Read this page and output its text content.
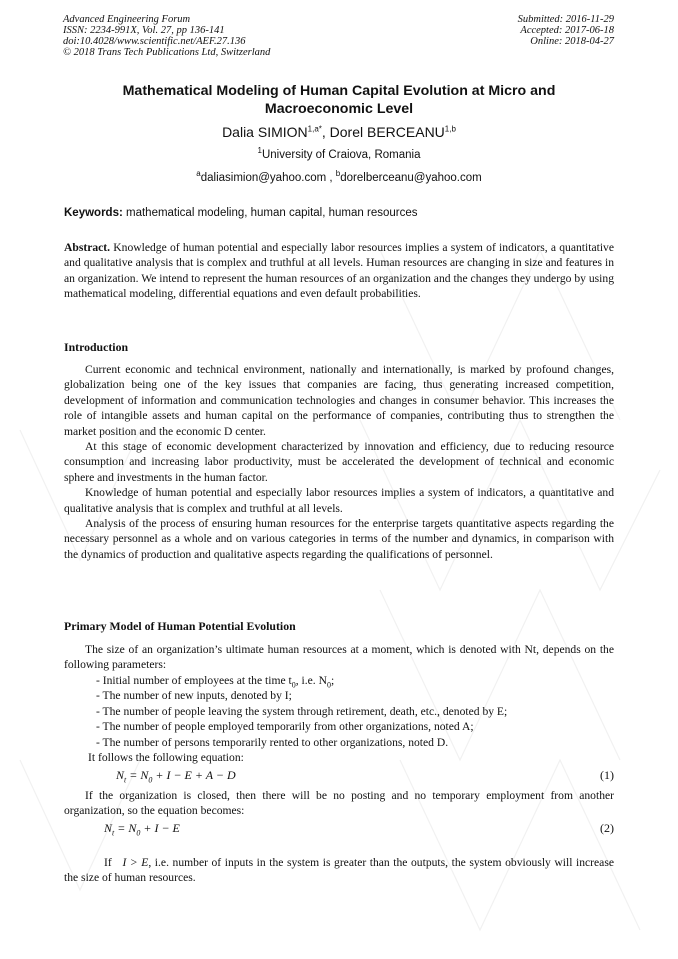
Advanced Engineering Forum
ISSN: 2234-991X, Vol. 27, pp 136-141
doi:10.4028/www.scientific.net/AEF.27.136
© 2018 Trans Tech Publications Ltd, Switzerland
Submitted: 2016-11-29
Accepted: 2017-06-18
Online: 2018-04-27
Mathematical Modeling of Human Capital Evolution at Micro and
Macroeconomic Level
Dalia $SIMION^{1,a*}$, Dorel BERCEANU$^{1,b}$
$^1$University of Craiova, Romania
$^a$daliasimion@yahoo.com , $^b$dorelberceanu@yahoo.com
Keywords: mathematical modeling, human capital, human resources

Abstract. Knowledge of human potential and especially labor resources implies a system of indicators, a quantitative and qualitative analysis that is complex and truthful at all levels. Human resources are changing in size and features in an organization. We intend to represent the human resources of an organization and the changes they undergo by using mathematical modeling, differential equations and even default probabilities.

Introduction

Current economic and technical environment, nationally and internationally, is marked by profound changes, globalization being one of the key issues that companies are facing, thus generating increased competition, development of information and communication technologies and changes in consumer behavior. This increases the role of intangible assets and human capital on the performance of companies, contributing thus to strengthen the market position and the economic D center.

At this stage of economic development characterized by innovation and efficiency, due to reducing resource consumption and increasing labor productivity, must be accelerated the development of technical and economic sphere and investments in the human factor.

Knowledge of human potential and especially labor resources implies a system of indicators, a quantitative and qualitative analysis that is complex and truthful at all levels.

Analysis of the process of ensuring human resources for the enterprise targets quantitative aspects regarding the necessary personnel as a whole and on various categories in terms of the number and dynamics, in comparison with the dynamics of production and qualitative aspects regarding the qualifications of personnel.

Primary Model of Human Potential Evolution

The size of an organization’s ultimate human resources at a moment, which is denoted with Nt, depends on the following parameters:

- Initial number of employees at the time $t_0$, i.e. $N_0$;
- The number of new inputs, denoted by I;
- The number of people leaving the system through retirement, death, etc., denoted by E;
- The number of people employed temporarily from other organizations, noted A;
- The number of persons temporarily rented to other organizations, noted D.
It follows the following equation:
$N_t = N_0 + I - E + A - D$	(1)

If the organization is closed, then there will be no posting and no temporary employment from another organization, so the equation becomes:

$N_t = N_0 + I - E$	(2)

If I > E, i.e. number of inputs in the system is greater than the outputs, the system obviously will increase the size of human resources.
